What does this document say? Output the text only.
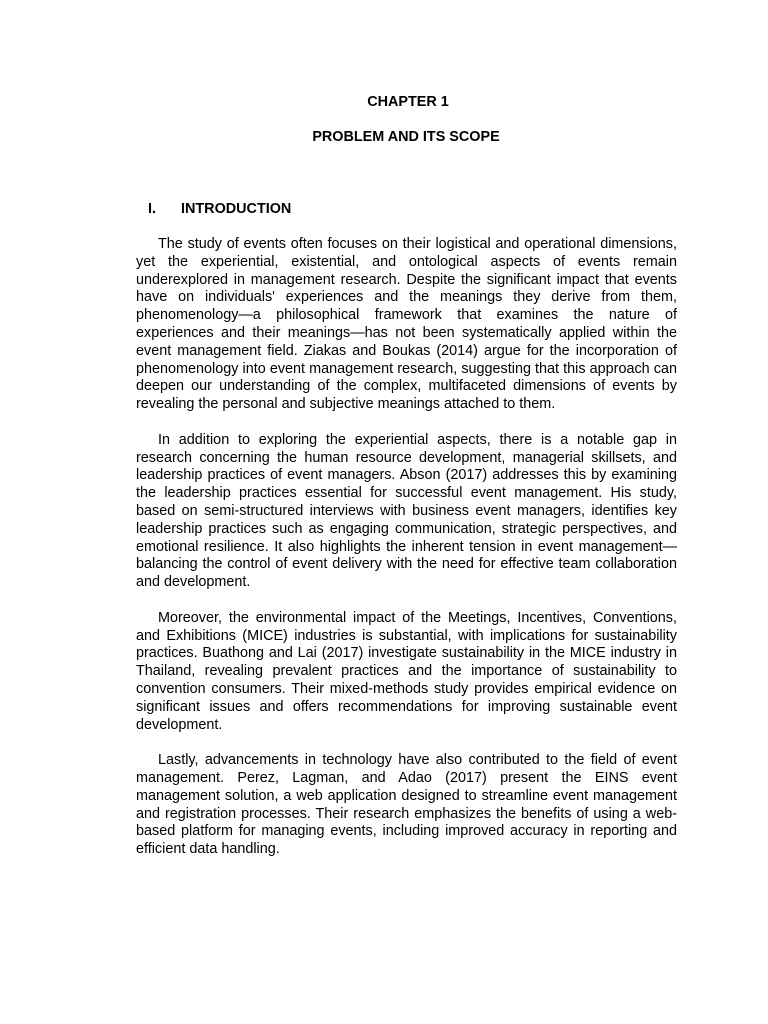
CHAPTER 1
PROBLEM AND ITS SCOPE
I. INTRODUCTION

The study of events often focuses on their logistical and operational dimensions, yet the experiential, existential, and ontological aspects of events remain underexplored in management research. Despite the significant impact that events have on individuals' experiences and the meanings they derive from them, phenomenology—a philosophical framework that examines the nature of experiences and their meanings—has not been systematically applied within the event management field. Ziakas and Boukas (2014) argue for the incorporation of phenomenology into event management research, suggesting that this approach can deepen our understanding of the complex, multifaceted dimensions of events by revealing the personal and subjective meanings attached to them.

In addition to exploring the experiential aspects, there is a notable gap in research concerning the human resource development, managerial skillsets, and leadership practices of event managers. Abson (2017) addresses this by examining the leadership practices essential for successful event management. His study, based on semi-structured interviews with business event managers, identifies key leadership practices such as engaging communication, strategic perspectives, and emotional resilience. It also highlights the inherent tension in event management—balancing the control of event delivery with the need for effective team collaboration and development.

Moreover, the environmental impact of the Meetings, Incentives, Conventions, and Exhibitions (MICE) industries is substantial, with implications for sustainability practices. Buathong and Lai (2017) investigate sustainability in the MICE industry in Thailand, revealing prevalent practices and the importance of sustainability to convention consumers. Their mixed-methods study provides empirical evidence on significant issues and offers recommendations for improving sustainable event development.

Lastly, advancements in technology have also contributed to the field of event management. Perez, Lagman, and Adao (2017) present the EINS event management solution, a web application designed to streamline event management and registration processes. Their research emphasizes the benefits of using a web-based platform for managing events, including improved accuracy in reporting and efficient data handling.
